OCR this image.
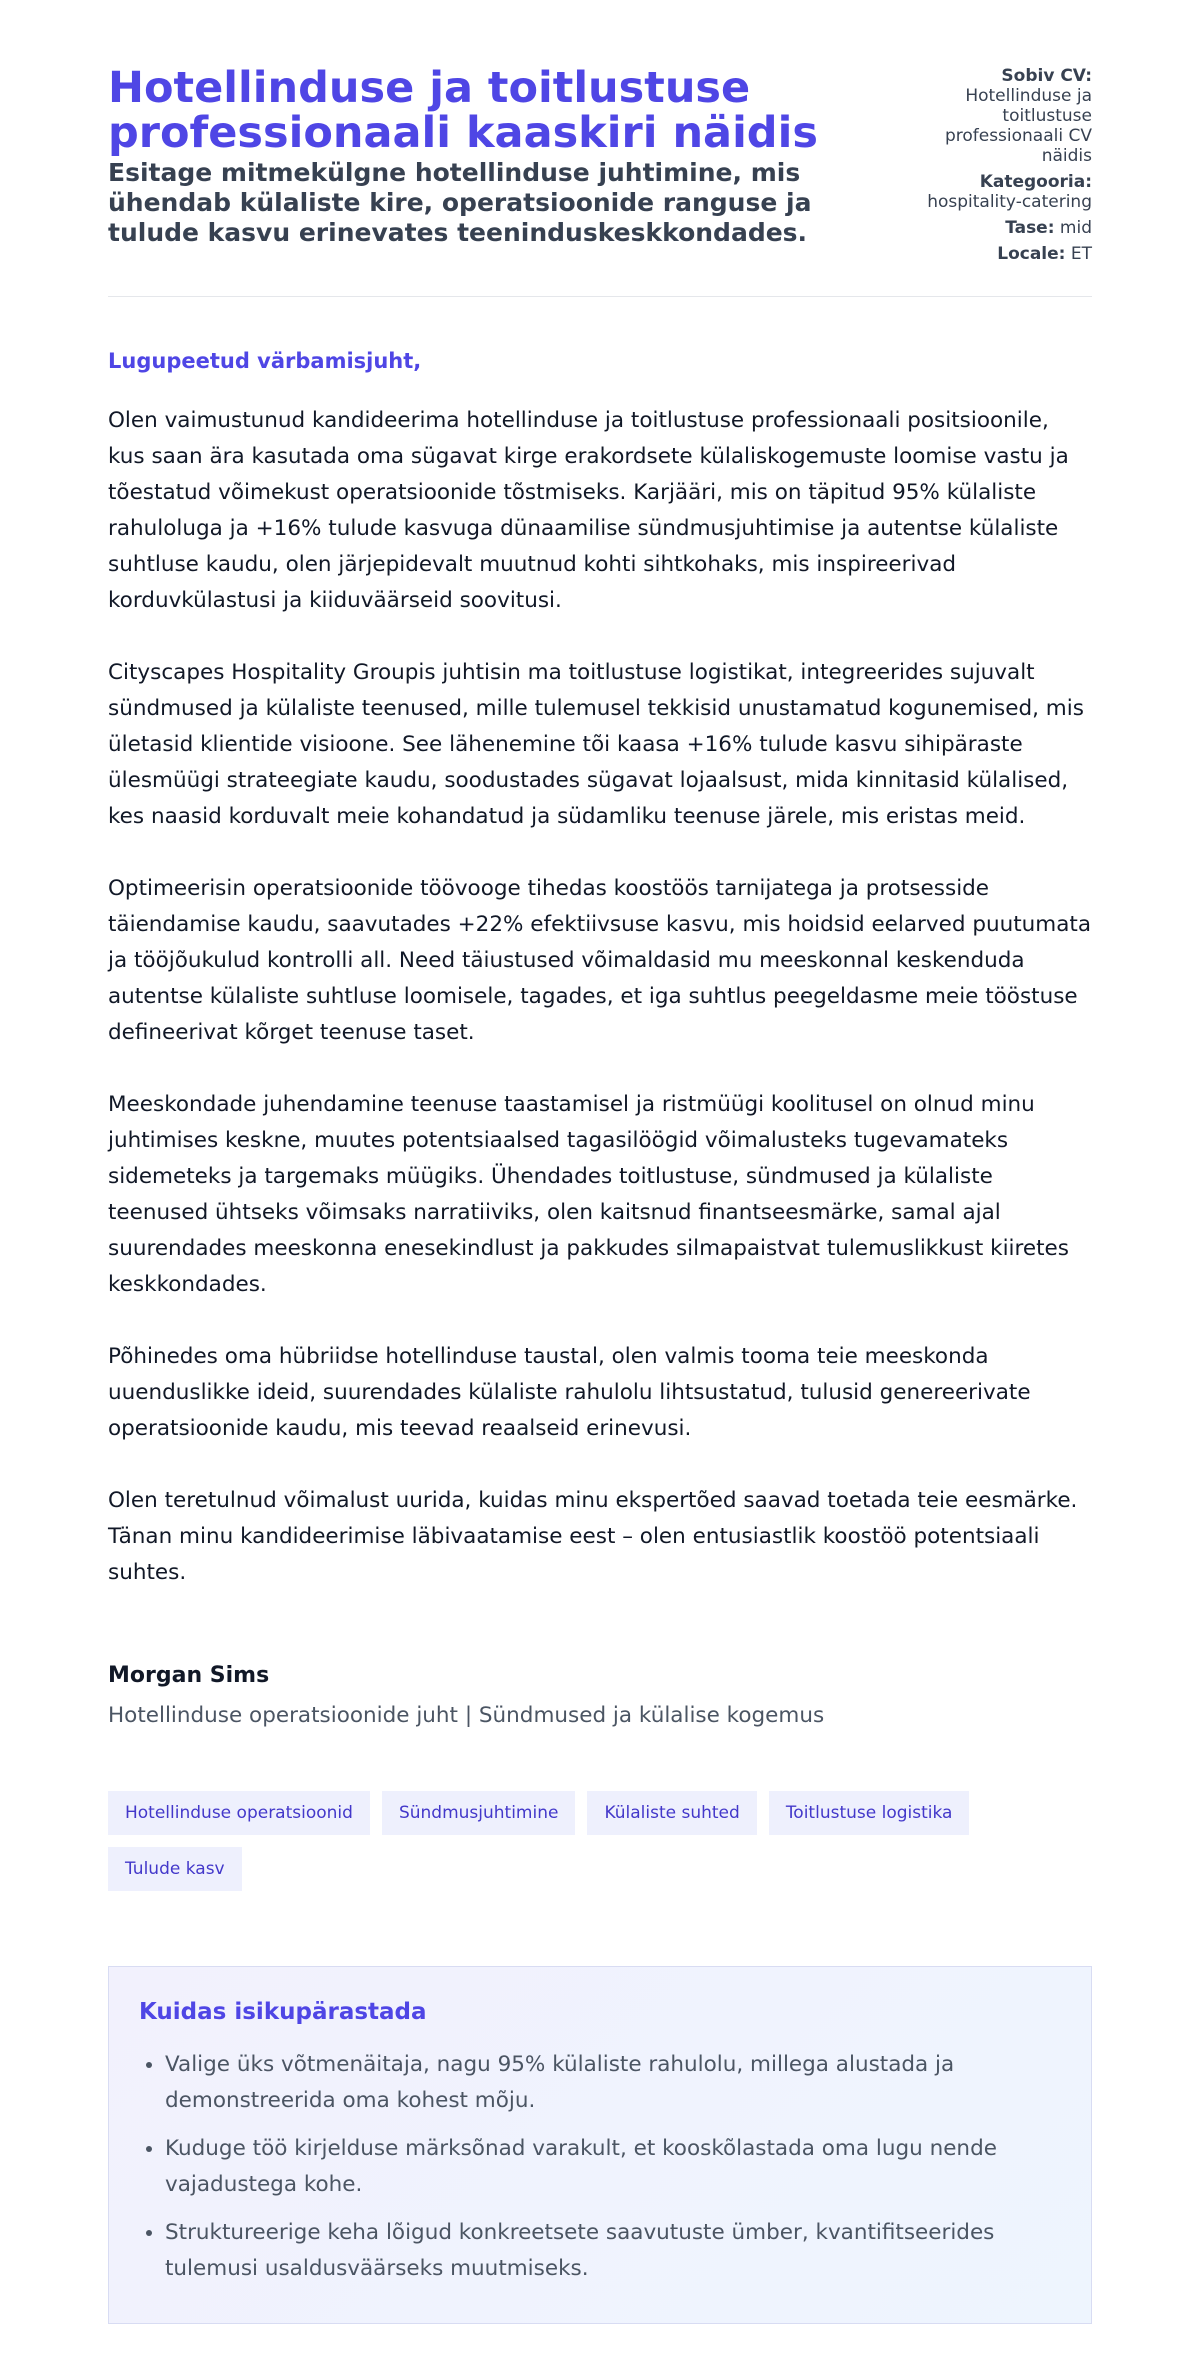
Hotellinduse ja toitlustuse professionaali kaaskiri näidis

Esitage mitmekülgne hotellinduse juhtimine, mis ühendab külaliste kire, operatsioonide ranguse ja tulude kasvu erinevates teeninduskeskkondades.

Sobiv CV:
Hotellinduse ja toitlustuse professionaali CV näidis
Kategooria:
hospitality-catering
Tase: mid
Locale: ET
Lugupeetud värbamisjuht,

Olen vaimustunud kandideerima hotellinduse ja toitlustuse professionaali positsioonile, kus saan ära kasutada oma sügavat kirge erakordsete külaliskogemuste loomise vastu ja tõestatud võimekust operatsioonide tõstmiseks. Karjääri, mis on täpitud 95% külaliste rahuloluga ja +16% tulude kasvuga dünaamilise sündmusjuhtimise ja autentse külaliste suhtluse kaudu, olen järjepidevalt muutnud kohti sihtkohaks, mis inspireerivad korduvkülastusi ja kiiduväärseid soovitusi.

Cityscapes Hospitality Groupis juhtisin ma toitlustuse logistikat, integreerides sujuvalt sündmused ja külaliste teenused, mille tulemusel tekkisid unustamatud kogunemised, mis ületasid klientide visioone. See lähenemine tõi kaasa +16% tulude kasvu sihipäraste ülesmüügi strateegiate kaudu, soodustades sügavat lojaalsust, mida kinnitasid külalised, kes naasid korduvalt meie kohandatud ja südamliku teenuse järele, mis eristas meid.

Optimeerisin operatsioonide töövooge tihedas koostöös tarnijatega ja protsesside täiendamise kaudu, saavutades +22% efektiivsuse kasvu, mis hoidsid eelarved puutumata ja tööjõukulud kontrolli all. Need täiustused võimaldasid mu meeskonnal keskenduda autentse külaliste suhtluse loomisele, tagades, et iga suhtlus peegeldasme meie tööstuse defineerivat kõrget teenuse taset.

Meeskondade juhendamine teenuse taastamisel ja ristmüügi koolitusel on olnud minu juhtimises keskne, muutes potentsiaalsed tagasilöögid võimalusteks tugevamateks sidemeteks ja targemaks müügiks. Ühendades toitlustuse, sündmused ja külaliste teenused ühtseks võimsaks narratiiviks, olen kaitsnud finantseesmärke, samal ajal suurendades meeskonna enesekindlust ja pakkudes silmapaistvat tulemuslikkust kiiretes keskkondades.

Põhinedes oma hübriidse hotellinduse taustal, olen valmis tooma teie meeskonda uuenduslikke ideid, suurendades külaliste rahulolu lihtsustatud, tulusid genereerivate operatsioonide kaudu, mis teevad reaalseid erinevusi.

Olen teretulnud võimalust uurida, kuidas minu ekspertõed saavad toetada teie eesmärke. Tänan minu kandideerimise läbivaatamise eest – olen entusiastlik koostöö potentsiaali suhtes.

Morgan Sims
Hotellinduse operatsioonide juht | Sündmused ja külalise kogemus
Hotellinduse operatsioonid	Sündmusjuhtimine	Külaliste suhted	Toitlustuse logistika
Tulude kasv
Kuidas isikupärastada
• Valige üks võtmenäitaja, nagu 95% külaliste rahulolu, millega alustada ja demonstreerida oma kohest mõju.
• Kuduge töö kirjelduse märksõnad varakult, et kooskõlastada oma lugu nende vajadustega kohe.
• Struktureerige keha lõigud konkreetsete saavutuste ümber, kvantifitseerides tulemusi usaldusväärseks muutmiseks.
